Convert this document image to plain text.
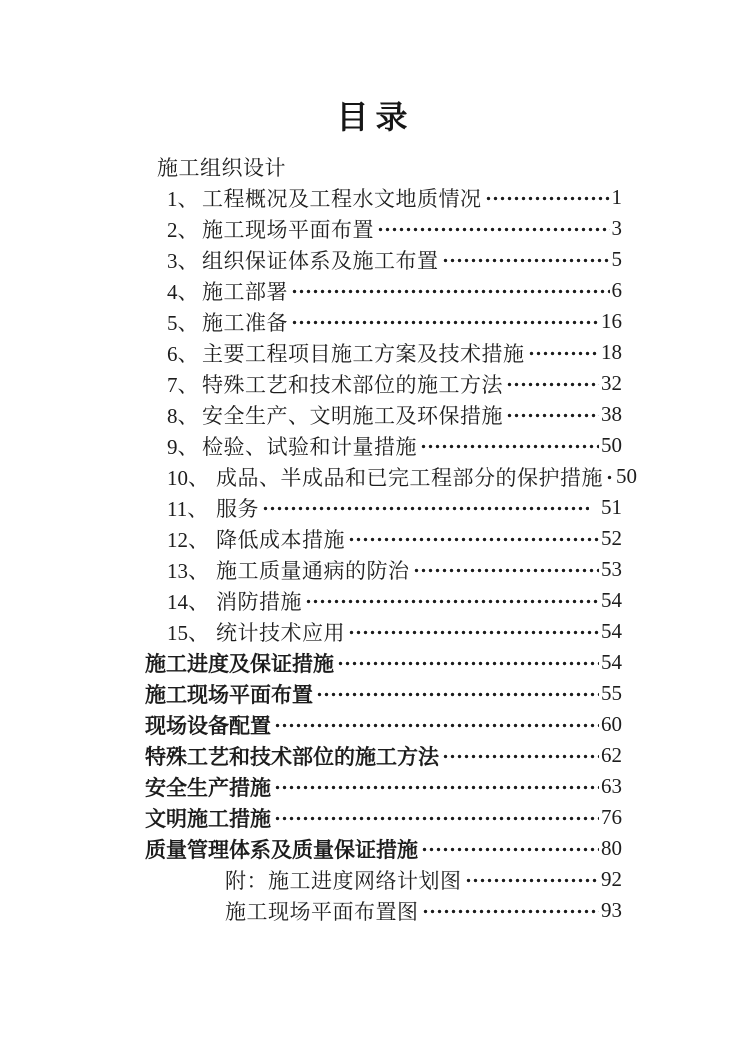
目录
施工组织设计
1、 工程概况及工程水文地质情况	1
2、 施工现场平面布置	3
3、 组织保证体系及施工布置	5
4、 施工部署	6
5、 施工准备	16
6、 主要工程项目施工方案及技术措施	18
7、 特殊工艺和技术部位的施工方法	32
8、 安全生产、文明施工及环保措施	38
9、 检验、试验和计量措施	50
10、 成品、半成品和已完工程部分的保护措施 50
11、 服务	51
12、 降低成本措施	52
13、 施工质量通病的防治	53
14、 消防措施	54
15、 统计技术应用	54
施工进度及保证措施	54
施工现场平面布置	55
现场设备配置	60
特殊工艺和技术部位的施工方法	62
安全生产措施	63
文明施工措施	76
质量管理体系及质量保证措施	80
附：施工进度网络计划图	92
施工现场平面布置图	93
